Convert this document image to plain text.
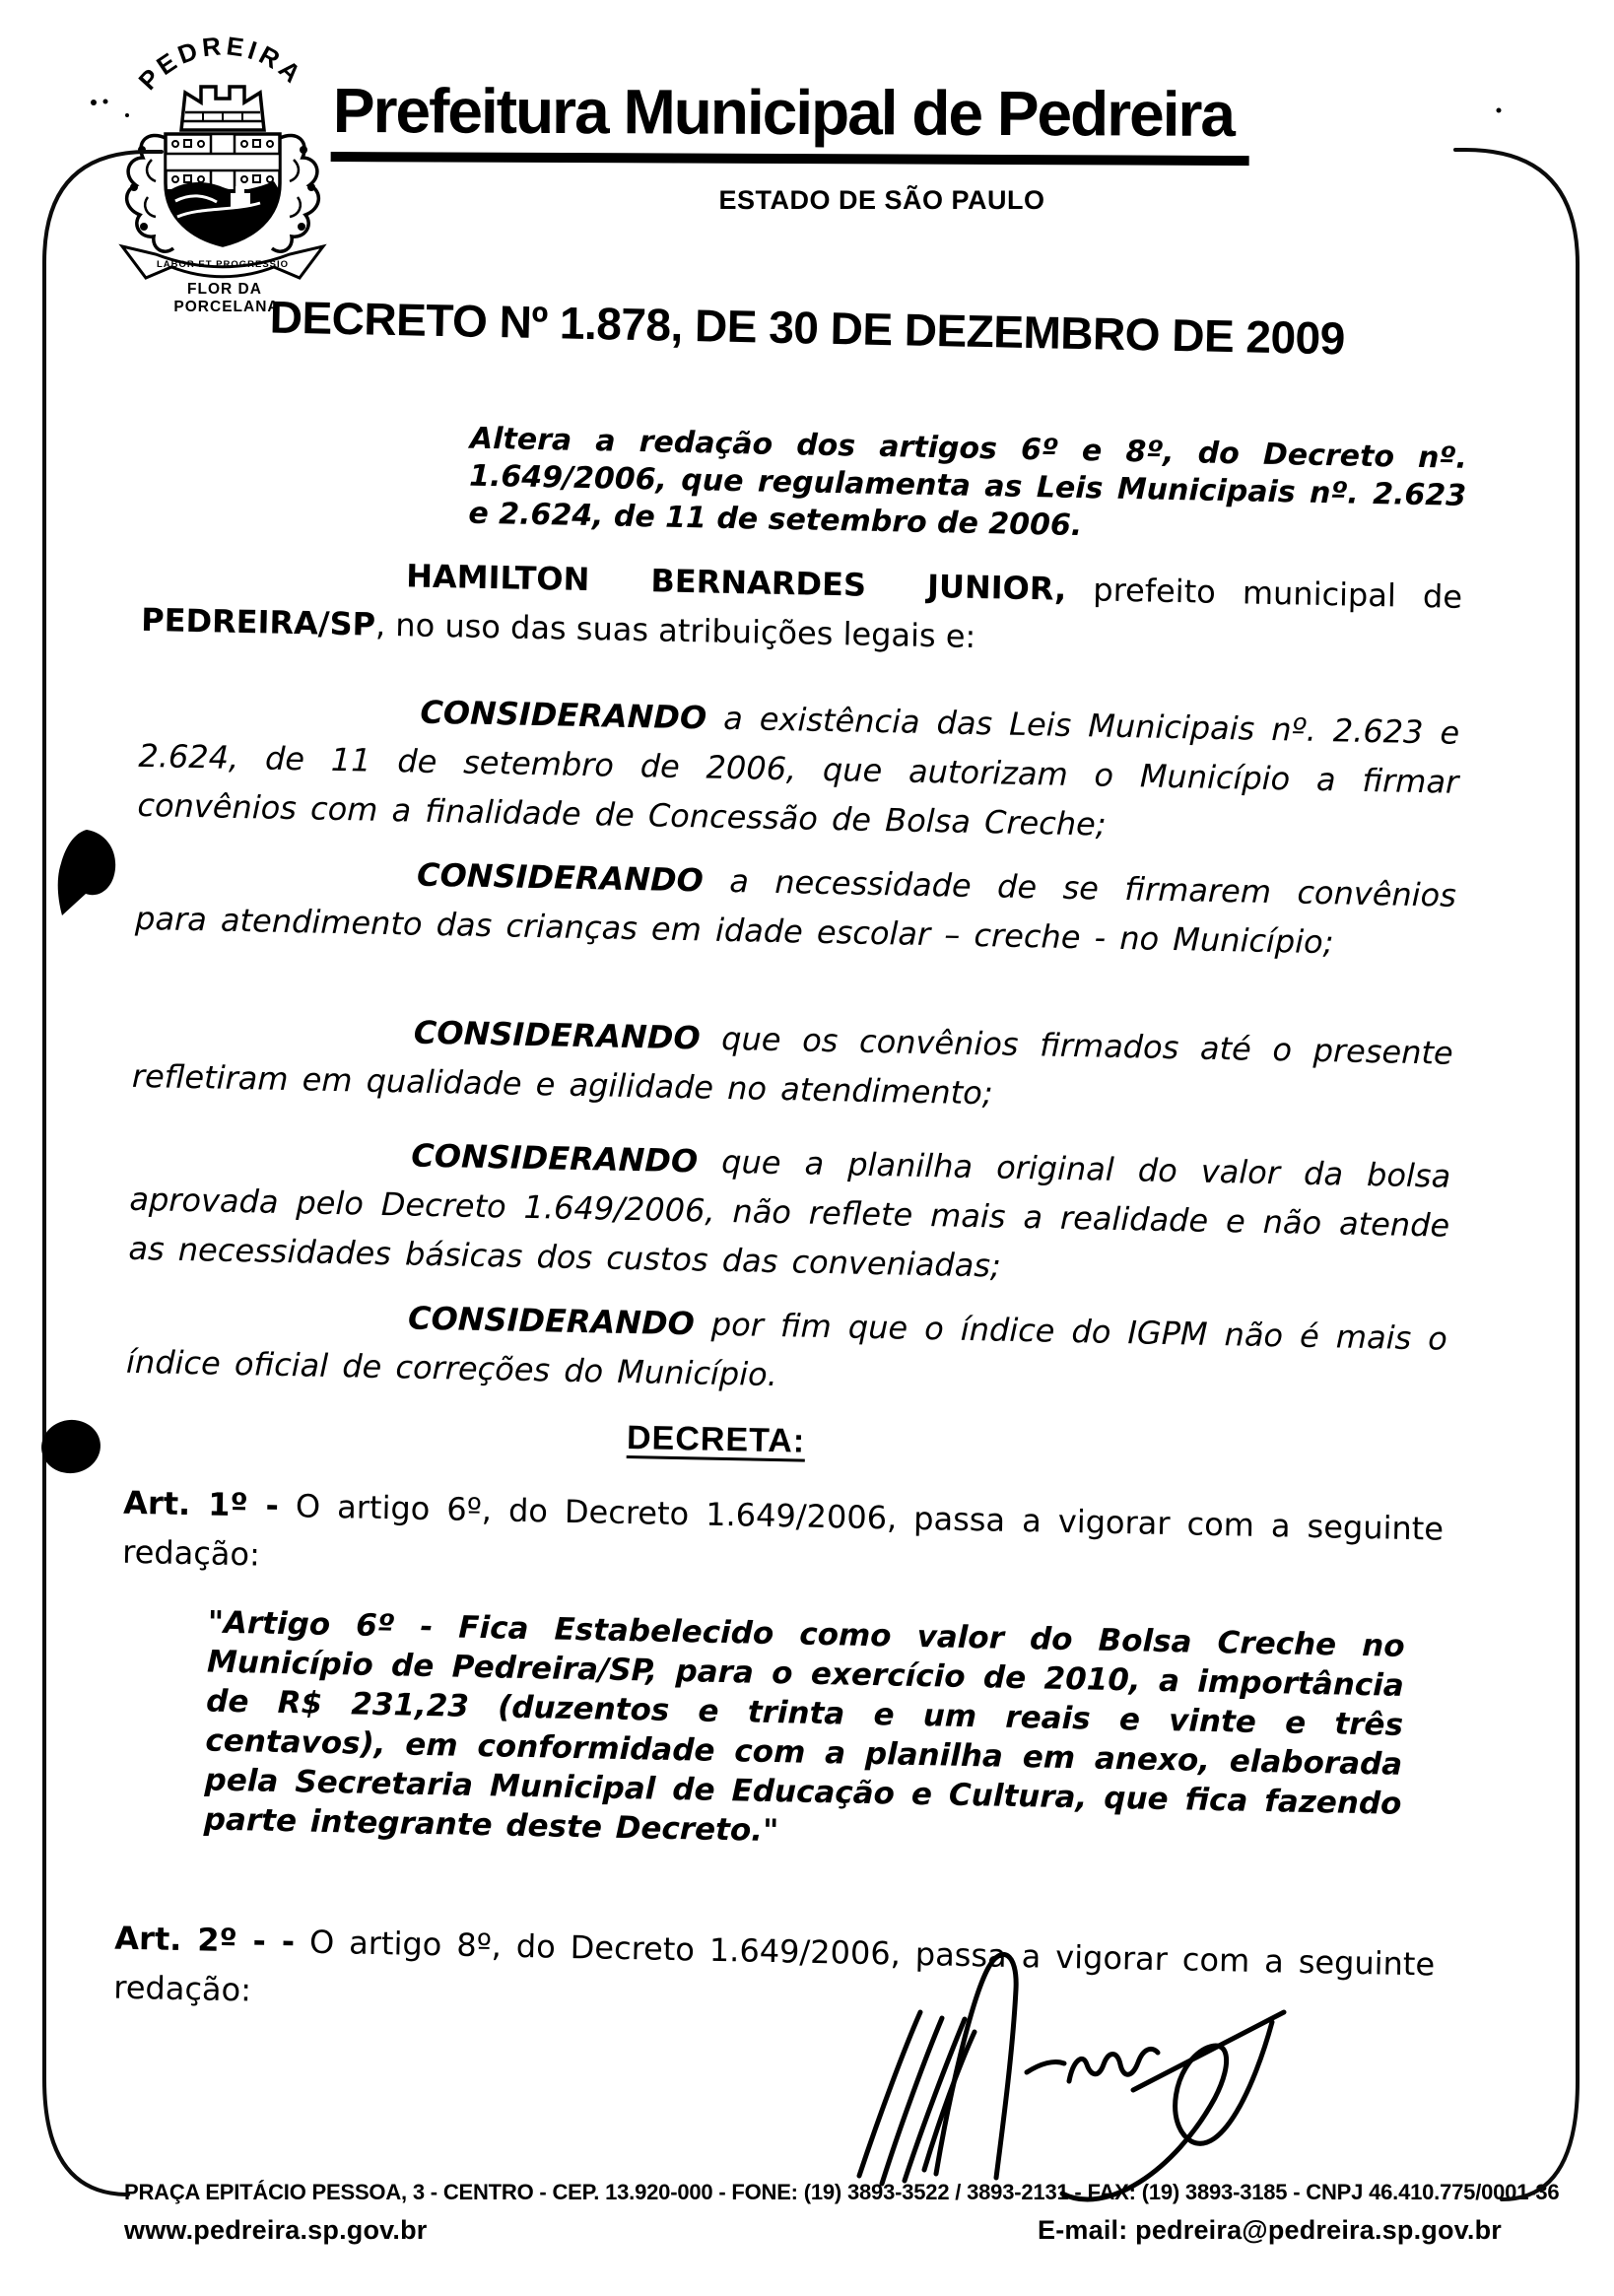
PEDREIRA
LABOR ET PROGRESSIO
FLOR DA
PORCELANA
Prefeitura Municipal de Pedreira
ESTADO DE SÃO PAULO
DECRETO Nº 1.878, DE 30 DE DEZEMBRO DE 2009

Altera a redação dos artigos 6º e 8º, do Decreto nº. 1.649/2006, que regulamenta as Leis Municipais nº. 2.623 e 2.624, de 11 de setembro de 2006.

HAMILTON BERNARDES JUNIOR, prefeito municipal de PEDREIRA/SP, no uso das suas atribuições legais e:

CONSIDERANDO a existência das Leis Municipais nº. 2.623 e 2.624, de 11 de setembro de 2006, que autorizam o Município a firmar convênios com a finalidade de Concessão de Bolsa Creche;

CONSIDERANDO a necessidade de se firmarem convênios para atendimento das crianças em idade escolar – creche - no Município;

CONSIDERANDO que os convênios firmados até o presente refletiram em qualidade e agilidade no atendimento;

CONSIDERANDO que a planilha original do valor da bolsa aprovada pelo Decreto 1.649/2006, não reflete mais a realidade e não atende as necessidades básicas dos custos das conveniadas;

CONSIDERANDO por fim que o índice do IGPM não é mais o índice oficial de correções do Município.

DECRETA:

Art. 1º - O artigo 6º, do Decreto 1.649/2006, passa a vigorar com a seguinte redação:

"Artigo 6º - Fica Estabelecido como valor do Bolsa Creche no Município de Pedreira/SP, para o exercício de 2010, a importância de R$ 231,23 (duzentos e trinta e um reais e vinte e três centavos), em conformidade com a planilha em anexo, elaborada pela Secretaria Municipal de Educação e Cultura, que fica fazendo parte integrante deste Decreto."

Art. 2º - - O artigo 8º, do Decreto 1.649/2006, passa a vigorar com a seguinte redação:

PRAÇA EPITÁCIO PESSOA, 3 - CENTRO - CEP. 13.920-000 - FONE: (19) 3893-3522 / 3893-2131 - FAX: (19) 3893-3185 - CNPJ 46.410.775/0001-36
www.pedreira.sp.gov.br	E-mail: pedreira@pedreira.sp.gov.br
